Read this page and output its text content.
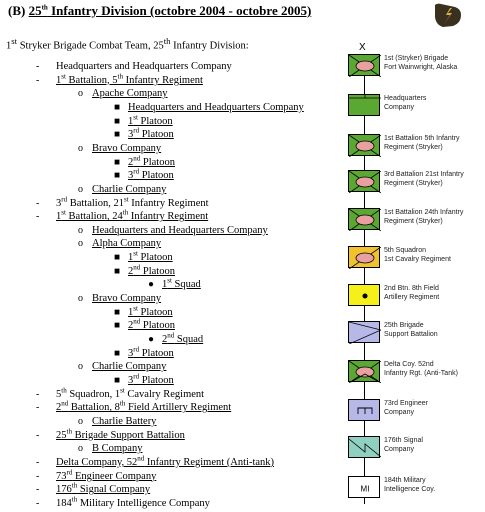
(B) 25th Infantry Division (octobre 2004 - octobre 2005)
1st Stryker Brigade Combat Team, 25th Infantry Division:
- Headquarters and Headquarters Company
- 1st Battalion, 5th Infantry Regiment
o Apache Company
■ Headquarters and Headquarters Company
■ 1st Platoon
■ 3rd Platoon
o Bravo Company
■ 2nd Platoon
■ 3rd Platoon
o Charlie Company
- 3rd Battalion, 21st Infantry Regiment
- 1st Battalion, 24th Infantry Regiment
o Headquarters and Headquarters Company
o Alpha Company
■ 1st Platoon
■ 2nd Platoon
● 1st Squad
o Bravo Company
■ 1st Platoon
■ 2nd Platoon
● 2nd Squad
■ 3rd Platoon
o Charlie Company
■ 3rd Platoon
- 5th Squadron, 1st Cavalry Regiment
- 2nd Battalion, 8th Field Artillery Regiment
o Charlie Battery
- 25th Brigade Support Battalion
o B Company
- Delta Company, 52nd Infantry Regiment (Anti-tank)
- 73rd Engineer Company
- 176th Signal Company
- 184th Military Intelligence Company
X
1st (Stryker) Brigade
Fort Wainwright, Alaska
Headquarters
Company
1st Battalion 5th Infantry
Regiment (Stryker)
3rd Battalion 21st Infantry
Regiment (Stryker)
1st Battalion 24th Infantry
Regiment (Stryker)
5th Squadron
1st Cavalry Regiment
2nd Btn. 8th Field
Artillery Regiment
25th Brigade
Support Battalion
Delta Coy. 52nd
Infantry Rgt. (Anti-Tank)
73rd Engineer
Company
176th Signal
Company
MI
184th Military
Intelligence Coy.
